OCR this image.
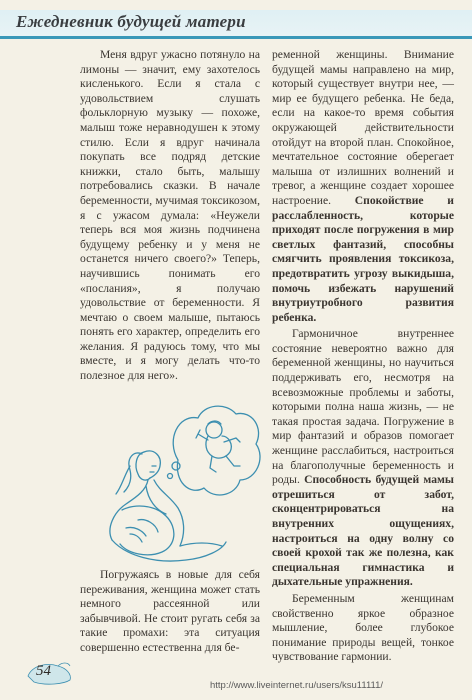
Ежедневник будущей матери

Меня вдруг ужасно потянуло на лимоны — значит, ему захотелось кисленького. Если я стала с удовольствием слушать фольклорную музыку — похоже, малыш тоже неравнодушен к этому стилю. Если я вдруг начинала покупать все подряд детские книжки, стало быть, малышу потребовались сказки. В начале беременности, мучимая токсикозом, я с ужасом думала: «Неужели теперь вся моя жизнь подчинена будущему ребенку и у меня не останется ничего своего?» Теперь, научившись понимать его «послания», я получаю удовольствие от беременности. Я мечтаю о своем малыше, пытаюсь понять его характер, определить его желания. Я радуюсь тому, что мы вместе, и я могу делать что-то полезное для него».

Погружаясь в новые для себя переживания, женщина может стать немного рассеянной или забывчивой. Не стоит ругать себя за такие промахи: эта ситуация совершенно естественна для бе-

ременной женщины. Внимание будущей мамы направлено на мир, который существует внутри нее, — мир ее будущего ребенка. Не беда, если на какое-то время события окружающей действительности отойдут на второй план. Спокойное, мечтательное состояние оберегает малыша от излишних волнений и тревог, а женщине создает хорошее настроение. Спокойствие и расслабленность, которые приходят после погружения в мир светлых фантазий, способны смягчить проявления токсикоза, предотвратить угрозу выкидыша, помочь избежать нарушений внутриутробного развития ребенка.

Гармоничное внутреннее состояние невероятно важно для беременной женщины, но научиться поддерживать его, несмотря на всевозможные проблемы и заботы, которыми полна наша жизнь, — не такая простая задача. Погружение в мир фантазий и образов помогает женщине расслабиться, настроиться на благополучные беременность и роды. Способность будущей мамы отрешиться от забот, сконцентрироваться на внутренних ощущениях, настроиться на одну волну со своей крохой так же полезна, как специальная гимнастика и дыхательные упражнения.

Беременным женщинам свойственно яркое образное мышление, более глубокое понимание природы вещей, тонкое чувствование гармонии.

54
http://www.liveinternet.ru/users/ksu11111/
